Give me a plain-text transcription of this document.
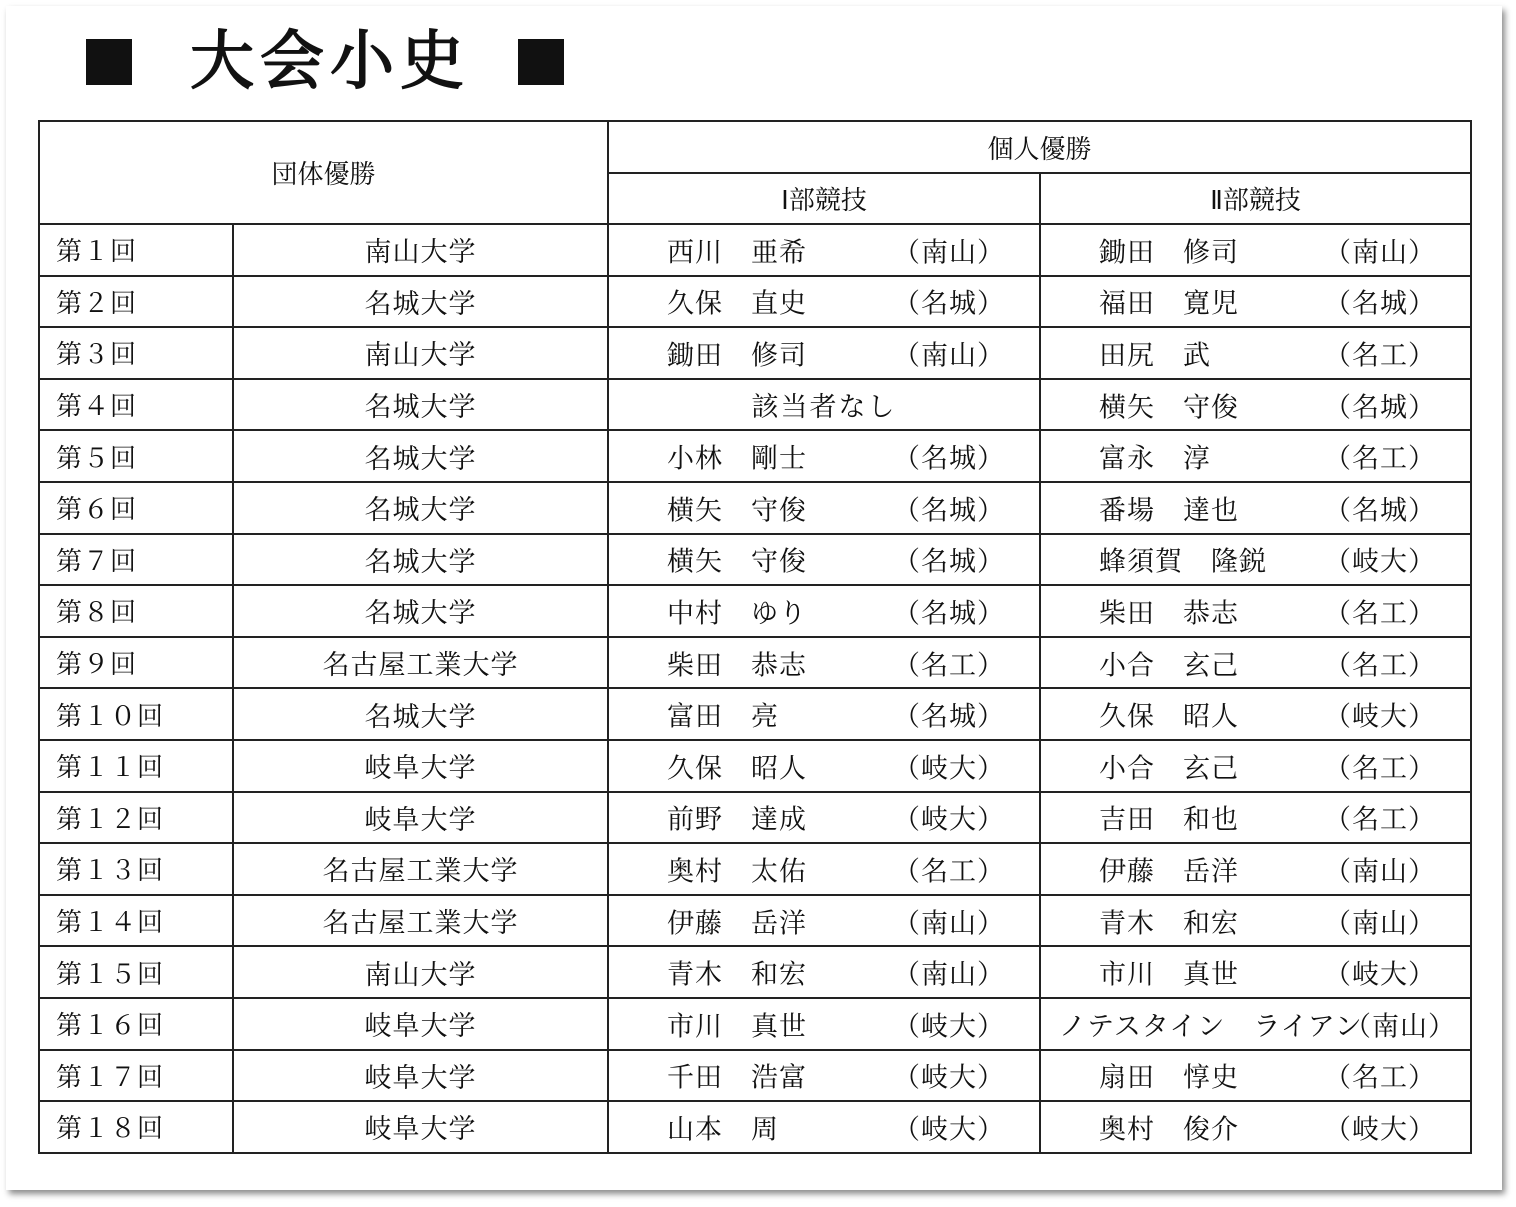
大会小史
団体優勝		個人優勝	
		Ⅰ部競技	Ⅱ部競技
第１回	南山大学	西川　亜希 （南山）	鋤田　修司 （南山）

第２回	名城大学	久保　直史 （名城）	福田　寛児 （名城）

第３回	南山大学	鋤田　修司 （南山）	田尻　武 （名工）

第４回	名城大学	該当者なし	横矢　守俊 （名城）

第５回	名城大学	小林　剛士 （名城）	富永　淳 （名工）

第６回	名城大学	横矢　守俊 （名城）	番場　達也 （名城）

第７回	名城大学	横矢　守俊 （名城）	蜂須賀　隆鋭 （岐大）

第８回	名城大学	中村　ゆり （名城）	柴田　恭志 （名工）

第９回	名古屋工業大学	柴田　恭志 （名工）	小合　玄己 （名工）

第１０回	名城大学	富田　亮 （名城）	久保　昭人 （岐大）

第１１回	岐阜大学	久保　昭人 （岐大）	小合　玄己 （名工）

第１２回	岐阜大学	前野　達成 （岐大）	吉田　和也 （名工）

第１３回	名古屋工業大学	奥村　太佑 （名工）	伊藤　岳洋 （南山）

第１４回	名古屋工業大学	伊藤　岳洋 （南山）	青木　和宏 （南山）

第１５回	南山大学	青木　和宏 （南山）	市川　真世 （岐大）

第１６回	岐阜大学	市川　真世 （岐大）	ノテスタイン　ライアン
（南山）

第１７回	岐阜大学	千田　浩富 （岐大）	扇田　惇史 （名工）

第１８回	岐阜大学	山本　周 （岐大）	奥村　俊介 （岐大）
